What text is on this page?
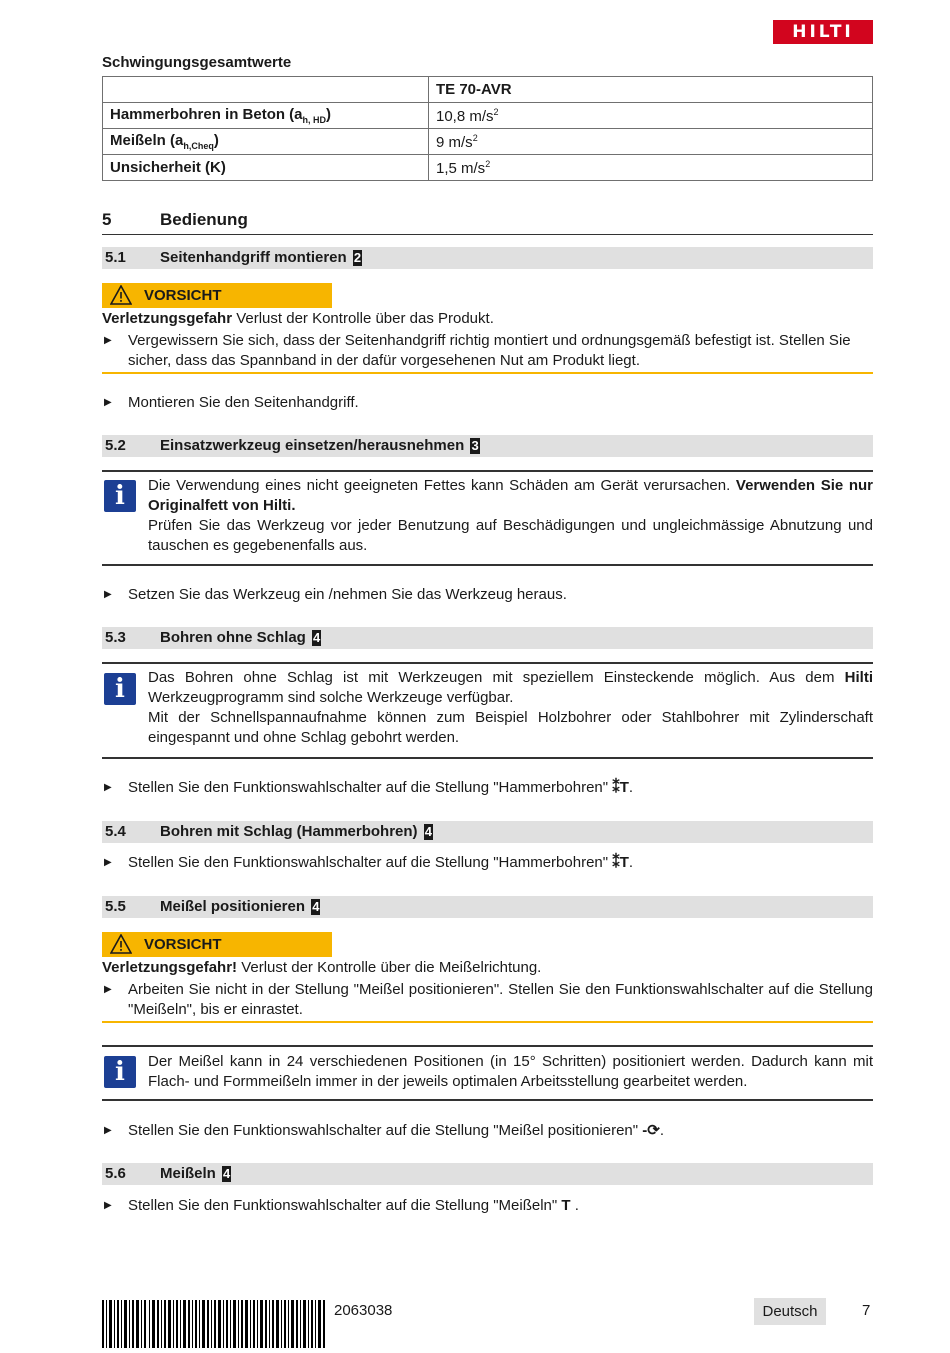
HILTI
Schwingungsgesamtwerte
	TE 70-AVR
Hammerbohren in Beton $(a_{h, HD})$	10,8 $m/s^2$
Meißeln $(a_{h,Cheq})$	9 $m/s^2$
Unsicherheit (K)	1,5 $m/s^2$
5	Bedienung
5.1 Seitenhandgriff montieren 2
VORSICHT
Verletzungsgefahr Verlust der Kontrolle über das Produkt.
▶ Vergewissern Sie sich, dass der Seitenhandgriff richtig montiert und ordnungsgemäß befestigt ist. Stellen Sie sicher, dass das Spannband in der dafür vorgesehenen Nut am Produkt liegt.
▶ Montieren Sie den Seitenhandgriff.
5.2 Einsatzwerkzeug einsetzen/herausnehmen 3
i	Die Verwendung eines nicht geeigneten Fettes kann Schäden am Gerät verursachen. Verwenden Sie nur Originalfett von Hilti.
Prüfen Sie das Werkzeug vor jeder Benutzung auf Beschädigungen und ungleichmässige Abnutzung und tauschen es gegebenenfalls aus.
▶ Setzen Sie das Werkzeug ein /nehmen Sie das Werkzeug heraus.
5.3 Bohren ohne Schlag 4
i	Das Bohren ohne Schlag ist mit Werkzeugen mit speziellem Einsteckende möglich. Aus dem Hilti Werkzeugprogramm sind solche Werkzeuge verfügbar.
Mit der Schnellspannaufnahme können zum Beispiel Holzbohrer oder Stahlbohrer mit Zylinderschaft eingespannt und ohne Schlag gebohrt werden.
▶ Stellen Sie den Funktionswahlschalter auf die Stellung "Hammerbohren" ⁑T.
5.4 Bohren mit Schlag (Hammerbohren) 4
▶ Stellen Sie den Funktionswahlschalter auf die Stellung "Hammerbohren" ⁑T.
5.5 Meißel positionieren 4
VORSICHT
Verletzungsgefahr! Verlust der Kontrolle über die Meißelrichtung.
▶ Arbeiten Sie nicht in der Stellung "Meißel positionieren". Stellen Sie den Funktionswahlschalter auf die Stellung "Meißeln", bis er einrastet.
i	Der Meißel kann in 24 verschiedenen Positionen (in 15° Schritten) positioniert werden. Dadurch kann mit Flach- und Formmeißeln immer in der jeweils optimalen Arbeitsstellung gearbeitet werden.
▶ Stellen Sie den Funktionswahlschalter auf die Stellung "Meißel positionieren" -⟳.
5.6 Meißeln 4
▶ Stellen Sie den Funktionswahlschalter auf die Stellung "Meißeln" T .
2063038	Deutsch	7
